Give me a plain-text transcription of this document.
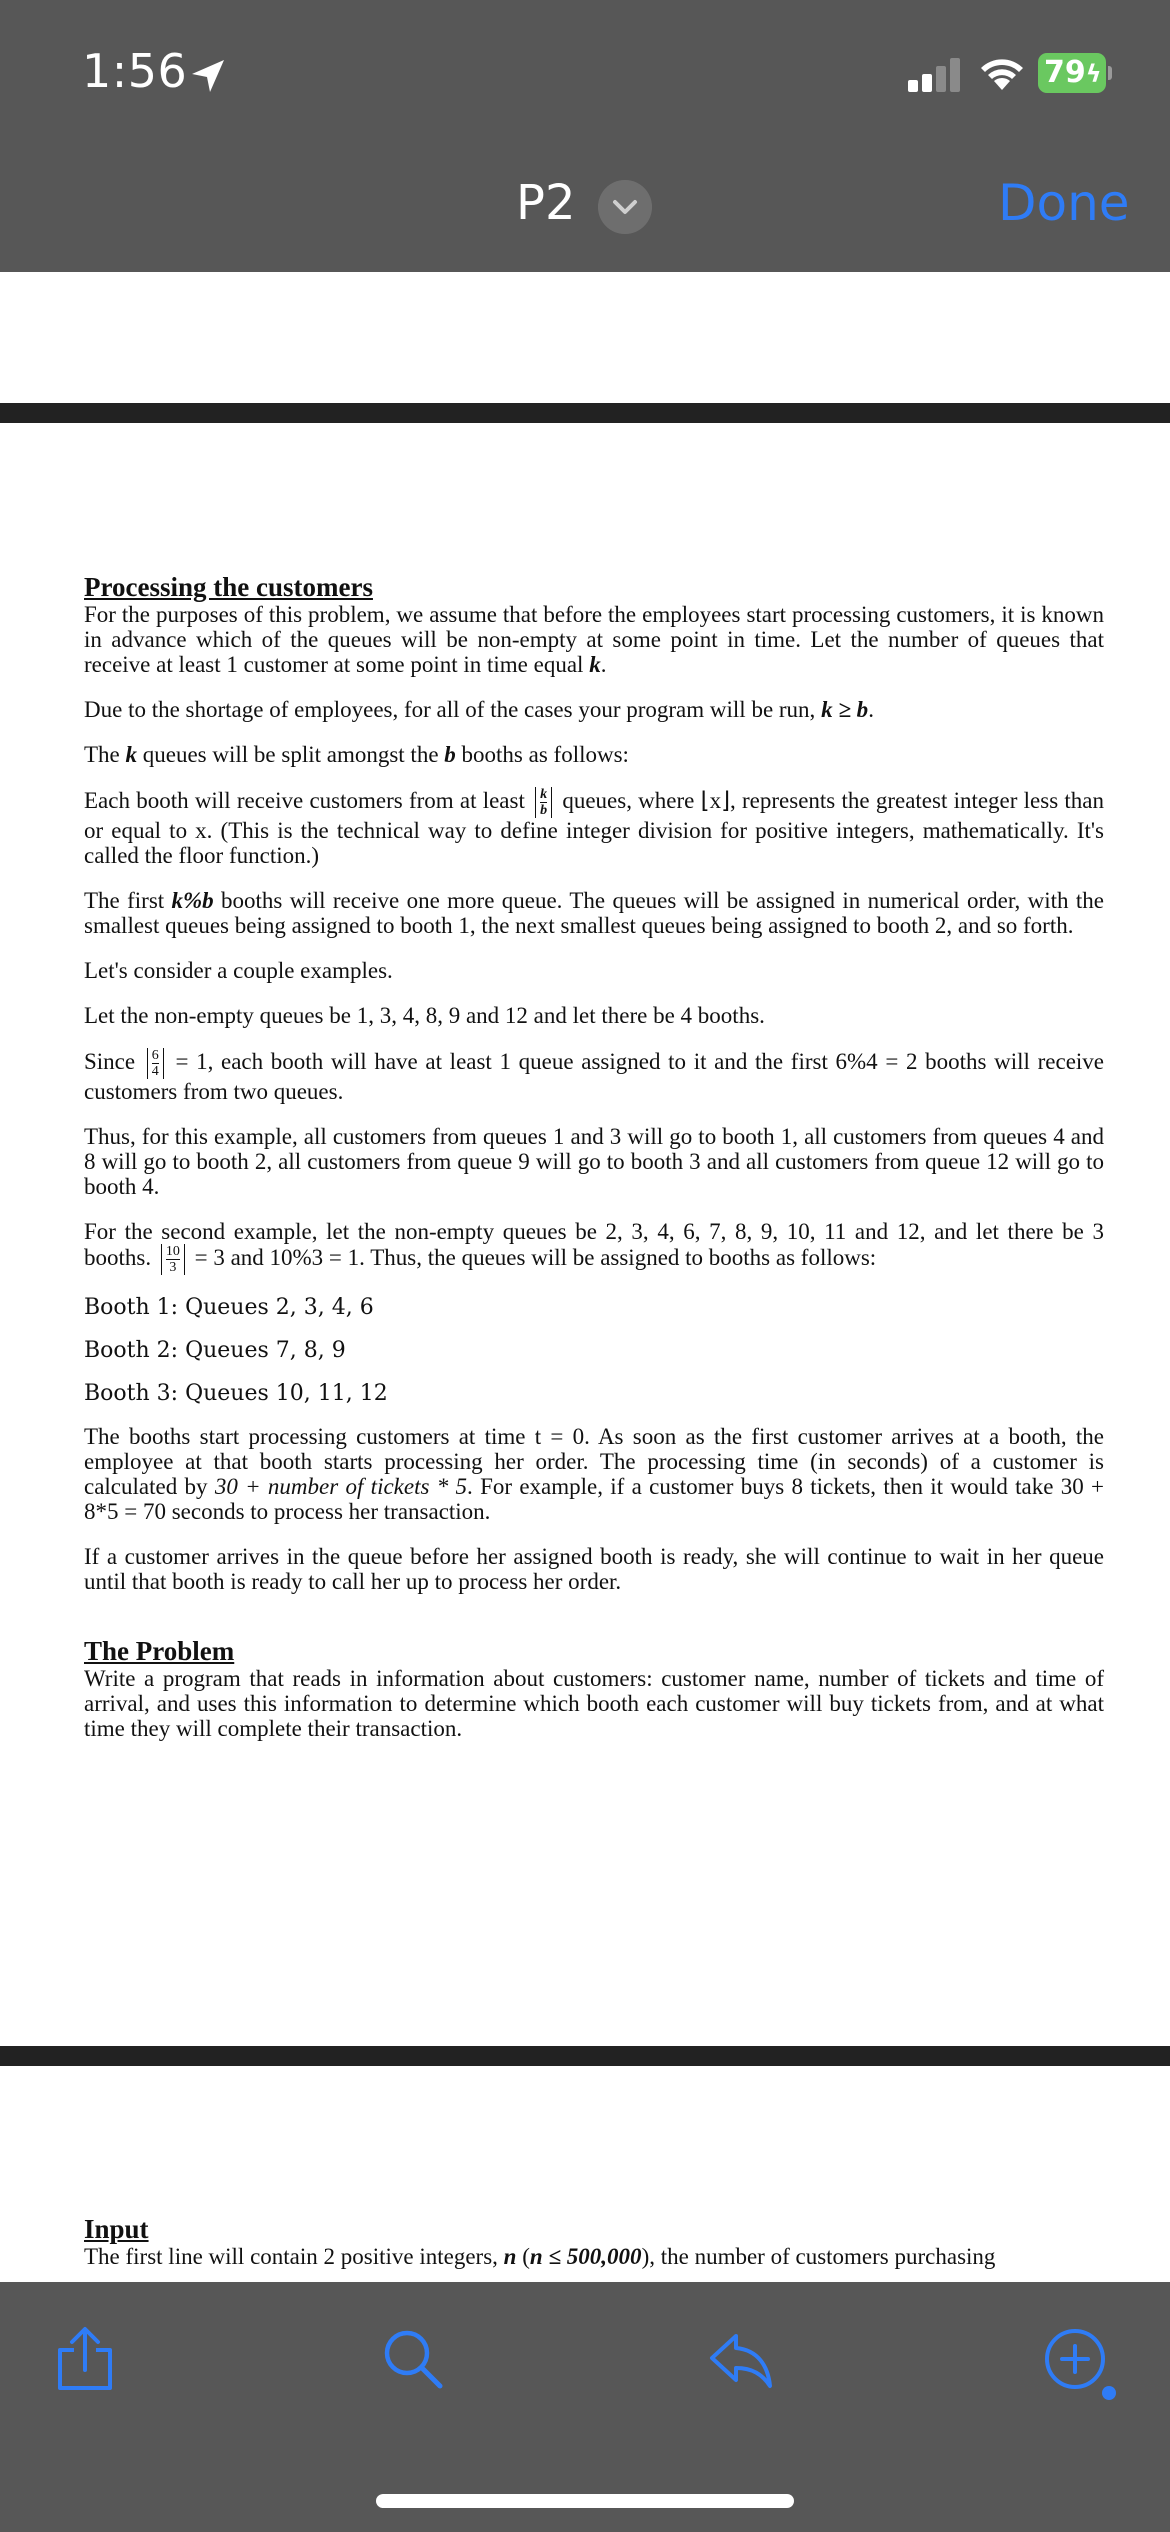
1:56	79ϟ
P2	Done
Processing the customers

For the purposes of this problem, we assume that before the employees start processing customers, it is known in advance which of the queues will be non-empty at some point in time. Let the number of queues that receive at least 1 customer at some point in time equal k.

Due to the shortage of employees, for all of the cases your program will be run, k ≥ b.

The k queues will be split amongst the b booths as follows:

Each booth will receive customers from at least $\frac{k}{b}$ queues, where ⌊x⌋, represents the greatest integer less than or equal to x. (This is the technical way to define integer division for positive integers, mathematically. It's called the floor function.)

The first k%b booths will receive one more queue. The queues will be assigned in numerical order, with the smallest queues being assigned to booth 1, the next smallest queues being assigned to booth 2, and so forth.

Let's consider a couple examples.

Let the non-empty queues be 1, 3, 4, 8, 9 and 12 and let there be 4 booths.

Since $\frac{6}{4} = 1$, each booth will have at least 1 queue assigned to it and the first 6%4 = 2 booths will receive customers from two queues.

Thus, for this example, all customers from queues 1 and 3 will go to booth 1, all customers from queues 4 and 8 will go to booth 2, all customers from queue 9 will go to booth 3 and all customers from queue 12 will go to booth 4.

For the second example, let the non-empty queues be 2, 3, 4, 6, 7, 8, 9, 10, 11 and 12, and let there be 3 booths. $\frac{10}{3} = 3$ and 10%3 = 1. Thus, the queues will be assigned to booths as follows:

Booth 1: Queues 2, 3, 4, 6

Booth 2: Queues 7, 8, 9

Booth 3: Queues 10, 11, 12

The booths start processing customers at time t = 0. As soon as the first customer arrives at a booth, the employee at that booth starts processing her order. The processing time (in seconds) of a customer is calculated by 30 + number of tickets * 5. For example, if a customer buys 8 tickets, then it would take 30 + 8*5 = 70 seconds to process her transaction.

If a customer arrives in the queue before her assigned booth is ready, she will continue to wait in her queue until that booth is ready to call her up to process her order.

The Problem

Write a program that reads in information about customers: customer name, number of tickets and time of arrival, and uses this information to determine which booth each customer will buy tickets from, and at what time they will complete their transaction.

Input

The first line will contain 2 positive integers, n (n ≤ 500,000), the number of customers purchasing
